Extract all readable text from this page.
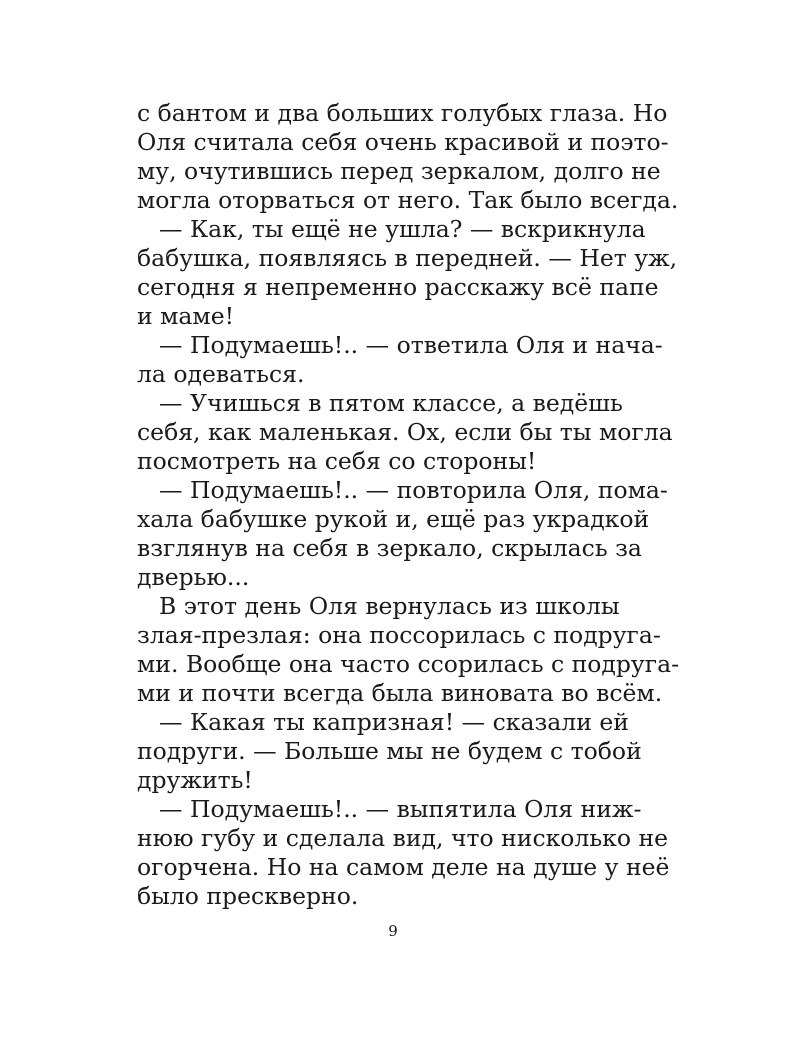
с бантом и два больших голубых глаза. Но
Оля считала себя очень красивой и поэто-
му, очутившись перед зеркалом, долго не
могла оторваться от него. Так было всегда.
— Как, ты ещё не ушла? — вскрикнула
бабушка, появляясь в передней. — Нет уж,
сегодня я непременно расскажу всё папе
и маме!
— Подумаешь!.. — ответила Оля и нача-
ла одеваться.
— Учишься в пятом классе, а ведёшь
себя, как маленькая. Ох, если бы ты могла
посмотреть на себя со стороны!
— Подумаешь!.. — повторила Оля, пома-
хала бабушке рукой и, ещё раз украдкой
взглянув на себя в зеркало, скрылась за
дверью...
В этот день Оля вернулась из школы
злая-презлая: она поссорилась с подруга-
ми. Вообще она часто ссорилась с подруга-
ми и почти всегда была виновата во всём.
— Какая ты капризная! — сказали ей
подруги. — Больше мы не будем с тобой
дружить!
— Подумаешь!.. — выпятила Оля ниж-
нюю губу и сделала вид, что нисколько не
огорчена. Но на самом деле на душе у неё
было прескверно.
9
